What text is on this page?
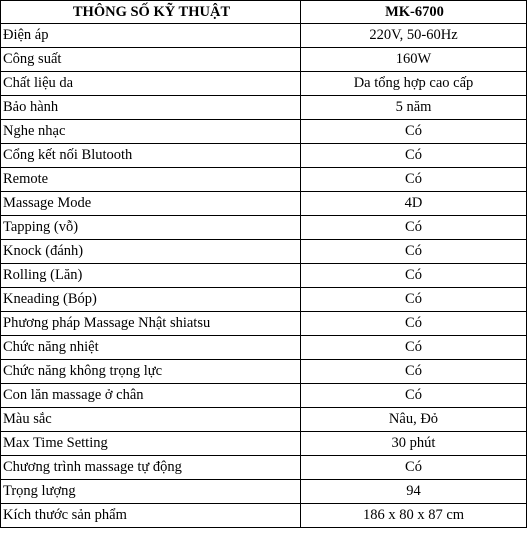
THÔNG SỐ KỸ THUẬT	MK-6700
Điện áp	220V, 50-60Hz
Công suất	160W
Chất liệu da	Da tổng hợp cao cấp
Bảo hành	5 năm
Nghe nhạc	Có
Cổng kết nối Blutooth	Có
Remote	Có
Massage Mode	4D
Tapping (vỗ)	Có
Knock (đánh)	Có
Rolling (Lăn)	Có
Kneading (Bóp)	Có
Phương pháp Massage Nhật shiatsu	Có
Chức năng nhiệt	Có
Chức năng không trọng lực	Có
Con lăn massage ở chân	Có
Màu sắc	Nâu, Đỏ
Max Time Setting	30 phút
Chương trình massage tự động	Có
Trọng lượng	94
Kích thước sản phẩm	186 x 80 x 87 cm
